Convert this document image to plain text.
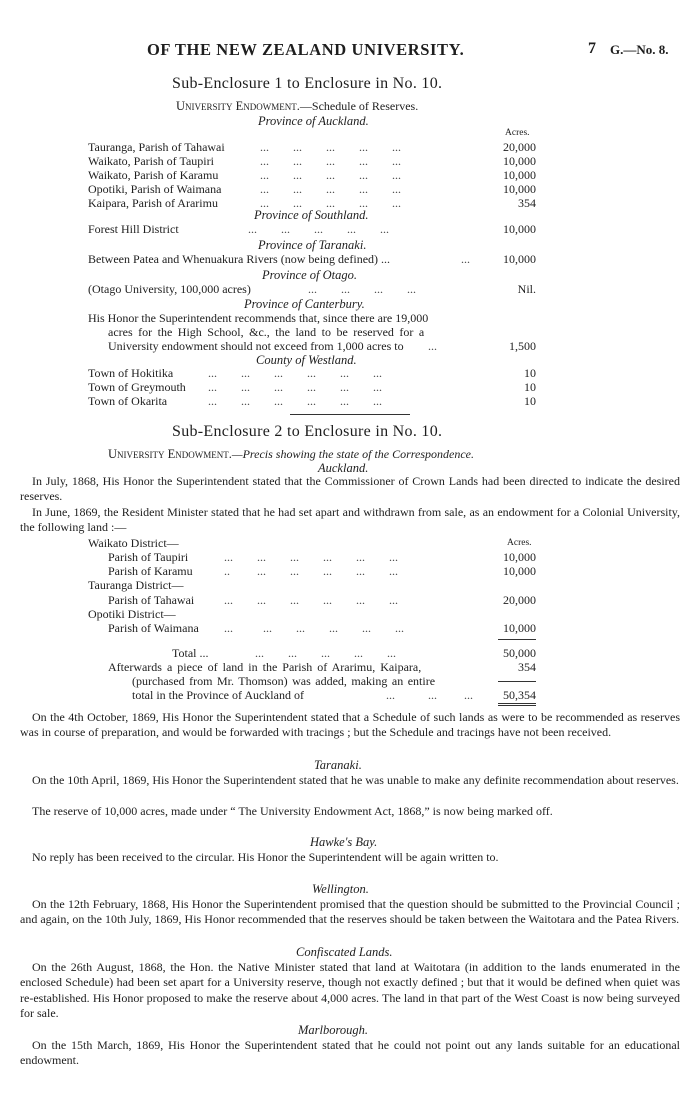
OF THE NEW ZEALAND UNIVERSITY.	7 G.—No. 8.
Sub-Enclosure 1 to Enclosure in No. 10.
University Endowment.—Schedule of Reserves.
Province of Auckland.
Acres.
Tauranga, Parish of Tahawai	...        ...        ...        ...        ...	20,000
Waikato, Parish of Taupiri	...        ...        ...        ...        ...	10,000
Waikato, Parish of Karamu	...        ...        ...        ...        ...	10,000
Opotiki, Parish of Waimana	...        ...        ...        ...        ...	10,000
Kaipara, Parish of Ararimu	...        ...        ...        ...        ...	354
Province of Southland.
Forest Hill District	...        ...        ...        ...        ...	10,000
Province of Taranaki.
Between Patea and Whenuakura Rivers (now being defined) ...	...	10,000
Province of Otago.
(Otago University, 100,000 acres)	...        ...        ...        ...	Nil.
Province of Canterbury.
His Honor the Superintendent recommends that, since there are 19,000
acres for the High School, &c., the land to be reserved for a
University endowment should not exceed from 1,000 acres to ...	1,500
County of Westland.
Town of Hokitika	...        ...        ...        ...        ...        ...	10
Town of Greymouth ...        ...        ...        ...        ...        ...	10
Town of Okarita	...        ...        ...        ...        ...        ...	10
Sub-Enclosure 2 to Enclosure in No. 10.
University Endowment.—Precis showing the state of the Correspondence.
Auckland.

In July, 1868, His Honor the Superintendent stated that the Commissioner of Crown Lands had been directed to indicate the desired reserves.

In June, 1869, the Resident Minister stated that he had set apart and withdrawn from sale, as an endowment for a Colonial University, the following land :—

Acres.
Waikato District—
Parish of Taupiri	...        ...        ...        ...        ...        ...	10,000
Parish of Karamu	..         ...        ...        ...        ...        ...	10,000
Tauranga District—
Parish of Tahawai ...        ...        ...        ...        ...        ...	20,000
Opotiki District—
Parish of Waimana ...          ...        ...        ...        ...        ...	10,000
Total ...	...        ...        ...        ...        ...	50,000
Afterwards a piece of land in the Parish of Ararimu, Kaipara,	354
(purchased from Mr. Thomson) was added, making an entire
total in the Province of Auckland of	...           ...         ...	50,354

On the 4th October, 1869, His Honor the Superintendent stated that a Schedule of such lands as were to be recommended as reserves was in course of preparation, and would be forwarded with tracings ; but the Schedule and tracings have not been received.

Taranaki.

On the 10th April, 1869, His Honor the Superintendent stated that he was unable to make any definite recommendation about reserves.

The reserve of 10,000 acres, made under “ The University Endowment Act, 1868,” is now being marked off.

Hawke's Bay.

No reply has been received to the circular. His Honor the Superintendent will be again written to.

Wellington.

On the 12th February, 1868, His Honor the Superintendent promised that the question should be submitted to the Provincial Council ; and again, on the 10th July, 1869, His Honor recommended that the reserves should be taken between the Waitotara and the Patea Rivers.

Confiscated Lands.

On the 26th August, 1868, the Hon. the Native Minister stated that land at Waitotara (in addition to the lands enumerated in the enclosed Schedule) had been set apart for a University reserve, though not exactly defined ; but that it would be defined when quiet was re-established. His Honor proposed to make the reserve about 4,000 acres. The land in that part of the West Coast is now being surveyed for sale.

Marlborough.

On the 15th March, 1869, His Honor the Superintendent stated that he could not point out any lands suitable for an educational endowment.
